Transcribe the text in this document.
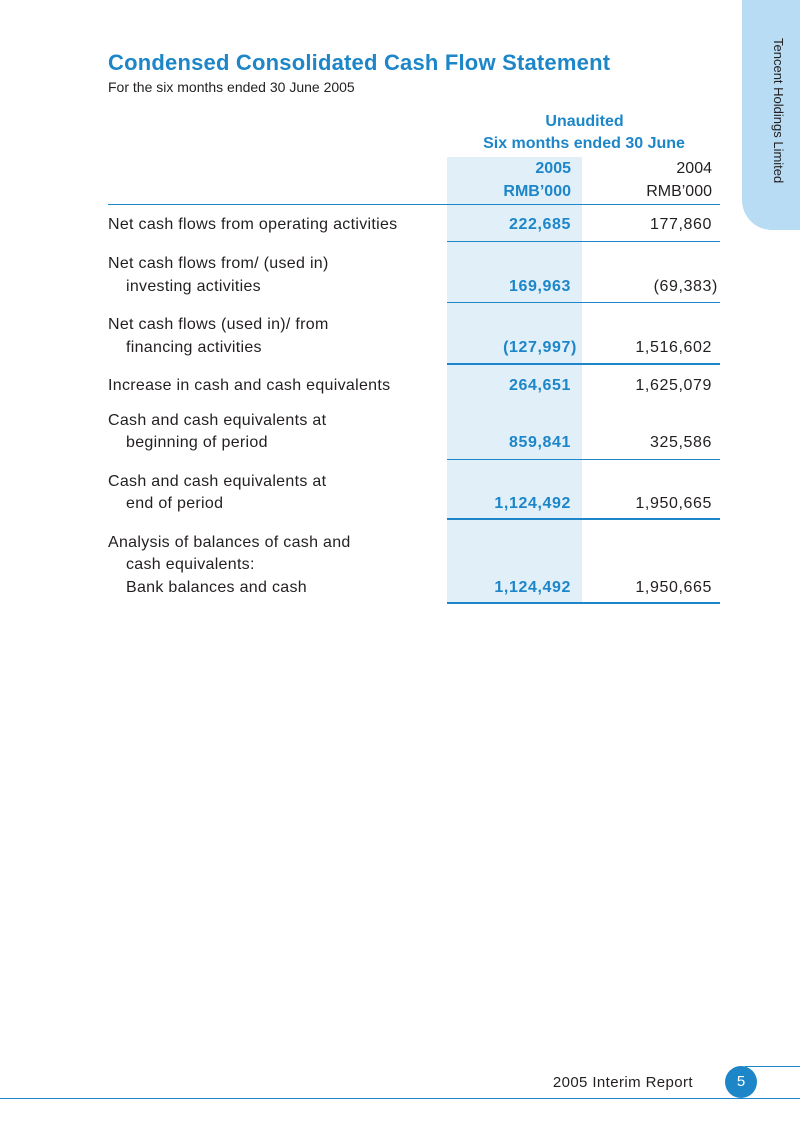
Tencent Holdings Limited
Condensed Consolidated Cash Flow Statement
For the six months ended 30 June 2005
Unaudited
Six months ended 30 June
2005
RMB’000
2004
RMB’000
Net cash flows from operating activities	222,685	177,860
Net cash flows from/ (used in)
investing activities	169,963	(69,383)
Net cash flows (used in)/ from
financing activities	(127,997)	1,516,602
Increase in cash and cash equivalents	264,651	1,625,079
Cash and cash equivalents at
beginning of period	859,841	325,586
Cash and cash equivalents at
end of period	1,124,492	1,950,665
Analysis of balances of cash and
cash equivalents:
Bank balances and cash	1,124,492	1,950,665
2005 Interim Report	5
